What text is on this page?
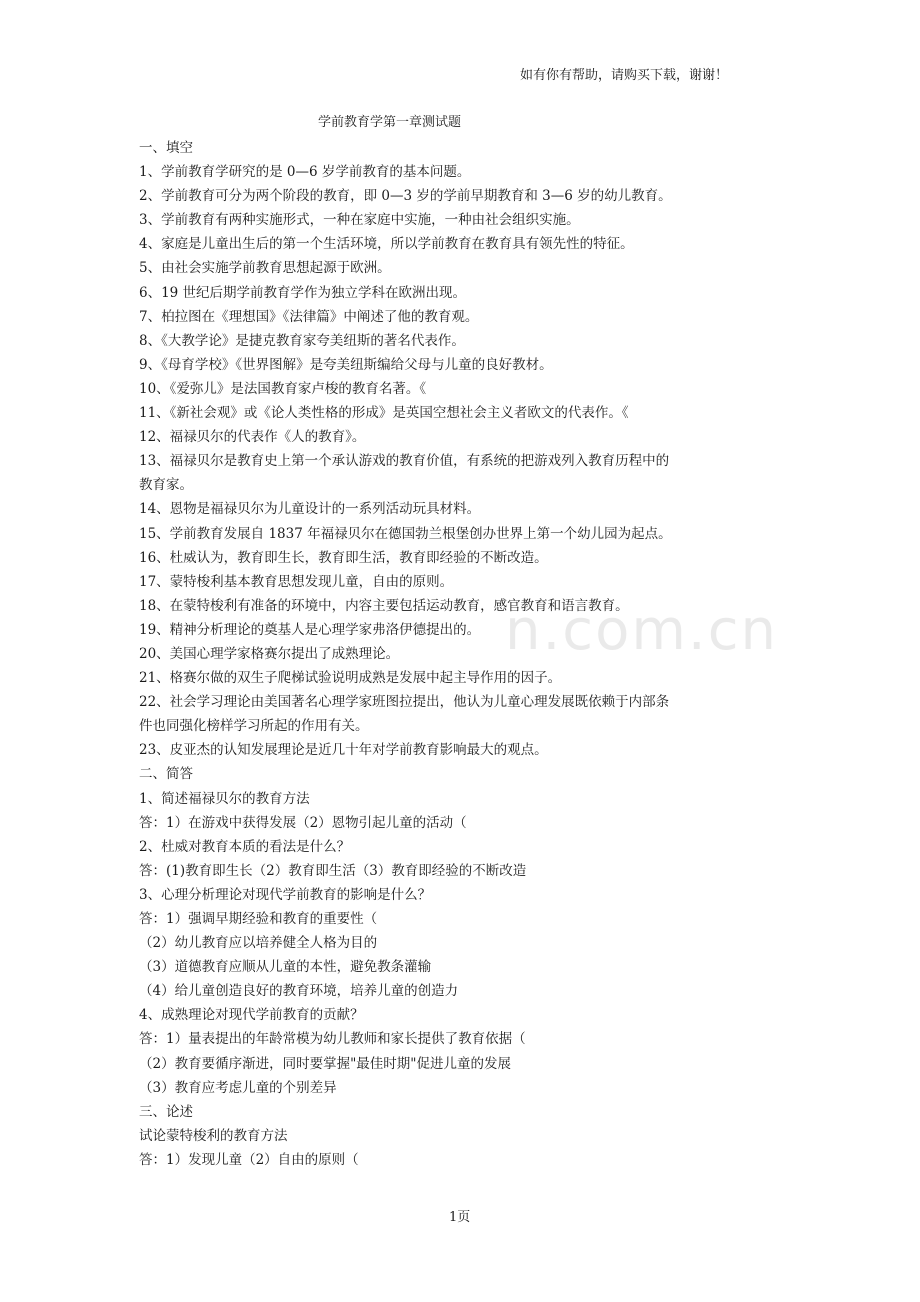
如有你有帮助，请购买下载，谢谢！
学前教育学第一章测试题
n.com.cn
一、填空
1、学前教育学研究的是 0—6 岁学前教育的基本问题。
2、学前教育可分为两个阶段的教育，即 0—3 岁的学前早期教育和 3—6 岁的幼儿教育。
3、学前教育有两种实施形式，一种在家庭中实施，一种由社会组织实施。
4、家庭是儿童出生后的第一个生活环境，所以学前教育在教育具有领先性的特征。
5、由社会实施学前教育思想起源于欧洲。
6、19 世纪后期学前教育学作为独立学科在欧洲出现。
7、柏拉图在《理想国》《法律篇》中阐述了他的教育观。
8、《大教学论》是捷克教育家夸美纽斯的著名代表作。
9、《母育学校》《世界图解》是夸美纽斯编给父母与儿童的良好教材。
10、《爱弥儿》是法国教育家卢梭的教育名著。《
11、《新社会观》或《论人类性格的形成》是英国空想社会主义者欧文的代表作。《
12、福禄贝尔的代表作《人的教育》。
13、福禄贝尔是教育史上第一个承认游戏的教育价值，有系统的把游戏列入教育历程中的教育家。
14、恩物是福禄贝尔为儿童设计的一系列活动玩具材料。
15、学前教育发展自 1837 年福禄贝尔在德国勃兰根堡创办世界上第一个幼儿园为起点。
16、杜威认为，教育即生长，教育即生活，教育即经验的不断改造。
17、蒙特梭利基本教育思想发现儿童，自由的原则。
18、在蒙特梭利有准备的环境中，内容主要包括运动教育，感官教育和语言教育。
19、精神分析理论的奠基人是心理学家弗洛伊德提出的。
20、美国心理学家格赛尔提出了成熟理论。
21、格赛尔做的双生子爬梯试验说明成熟是发展中起主导作用的因子。
22、社会学习理论由美国著名心理学家班图拉提出，他认为儿童心理发展既依赖于内部条件也同强化榜样学习所起的作用有关。
23、皮亚杰的认知发展理论是近几十年对学前教育影响最大的观点。
二、简答
1、简述福禄贝尔的教育方法
答：1）在游戏中获得发展（2）恩物引起儿童的活动（
2、杜威对教育本质的看法是什么？
答：(1)教育即生长（2）教育即生活（3）教育即经验的不断改造
3、心理分析理论对现代学前教育的影响是什么？
答：1）强调早期经验和教育的重要性（
（2）幼儿教育应以培养健全人格为目的
（3）道德教育应顺从儿童的本性，避免教条灌输
（4）给儿童创造良好的教育环境，培养儿童的创造力
4、成熟理论对现代学前教育的贡献？
答：1）量表提出的年龄常模为幼儿教师和家长提供了教育依据（
（2）教育要循序渐进，同时要掌握"最佳时期"促进儿童的发展
（3）教育应考虑儿童的个别差异
三、论述
试论蒙特梭利的教育方法
答：1）发现儿童（2）自由的原则（
1页
